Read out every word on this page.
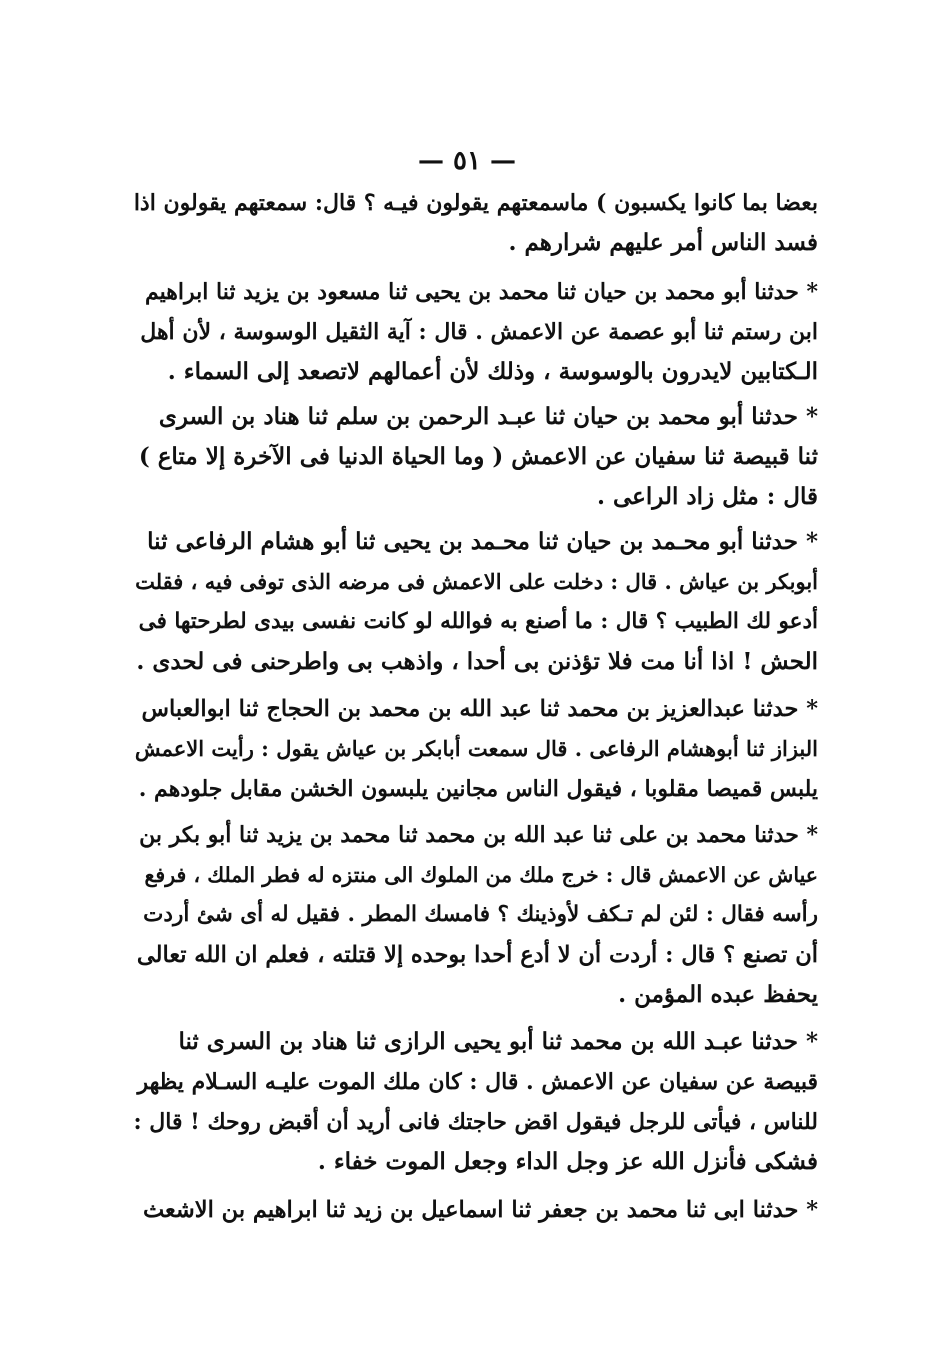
— ٥١ —
بعضا بما كانوا يكسبون ) ماسمعتهم يقولون فيـه ؟ قال: سمعتهم يقولون اذا
فسد الناس أمر عليهم شرارهم .
* حدثنا أبو محمد بن حيان ثنا محمد بن يحيى ثنا مسعود بن يزيد ثنا ابراهيم
ابن رستم ثنا أبو عصمة عن الاعمش . قال : آية الثقيل الوسوسة ، لأن أهل
الـكتابين لايدرون بالوسوسة ، وذلك لأن أعمالهم لاتصعد إلى السماء .
* حدثنا أبو محمد بن حيان ثنا عبـد الرحمن بن سلم ثنا هناد بن السرى
ثنا قبيصة ثنا سفيان عن الاعمش ( وما الحياة الدنيا فى الآخرة إلا متاع )
قال : مثل زاد الراعى .
* حدثنا أبو محـمد بن حيان ثنا محـمد بن يحيى ثنا أبو هشام الرفاعى ثنا
أبوبكر بن عياش . قال : دخلت على الاعمش فى مرضه الذى توفى فيه ، فقلت
أدعو لك الطبيب ؟ قال : ما أصنع به فوالله لو كانت نفسى بيدى لطرحتها فى
الحش ! اذا أنا مت فلا تؤذنن بى أحدا ، واذهب بى واطرحنى فى لحدى .
* حدثنا عبدالعزيز بن محمد ثنا عبد الله بن محمد بن الحجاج ثنا ابوالعباس
البزاز ثنا أبوهشام الرفاعى . قال سمعت أبابكر بن عياش يقول : رأيت الاعمش
يلبس قميصا مقلوبا ، فيقول الناس مجانين يلبسون الخشن مقابل جلودهم .
* حدثنا محمد بن على ثنا عبد الله بن محمد ثنا محمد بن يزيد ثنا أبو بكر بن
عياش عن الاعمش قال : خرج ملك من الملوك الى منتزه له فطر الملك ، فرفع
رأسه فقال : لئن لم تـكف لأوذينك ؟ فامسك المطر . فقيل له أى شئ أردت
أن تصنع ؟ قال : أردت أن لا أدع أحدا بوحده إلا قتلته ، فعلم ان الله تعالى
يحفظ عبده المؤمن .
* حدثنا عبـد الله بن محمد ثنا أبو يحيى الرازى ثنا هناد بن السرى ثنا
قبيصة عن سفيان عن الاعمش . قال : كان ملك الموت عليـه السـلام يظهر
للناس ، فيأتى للرجل فيقول اقض حاجتك فانى أريد أن أقبض روحك ! قال :
فشكى فأنزل الله عز وجل الداء وجعل الموت خفاء .
* حدثنا ابى ثنا محمد بن جعفر ثنا اسماعيل بن زيد ثنا ابراهيم بن الاشعث
